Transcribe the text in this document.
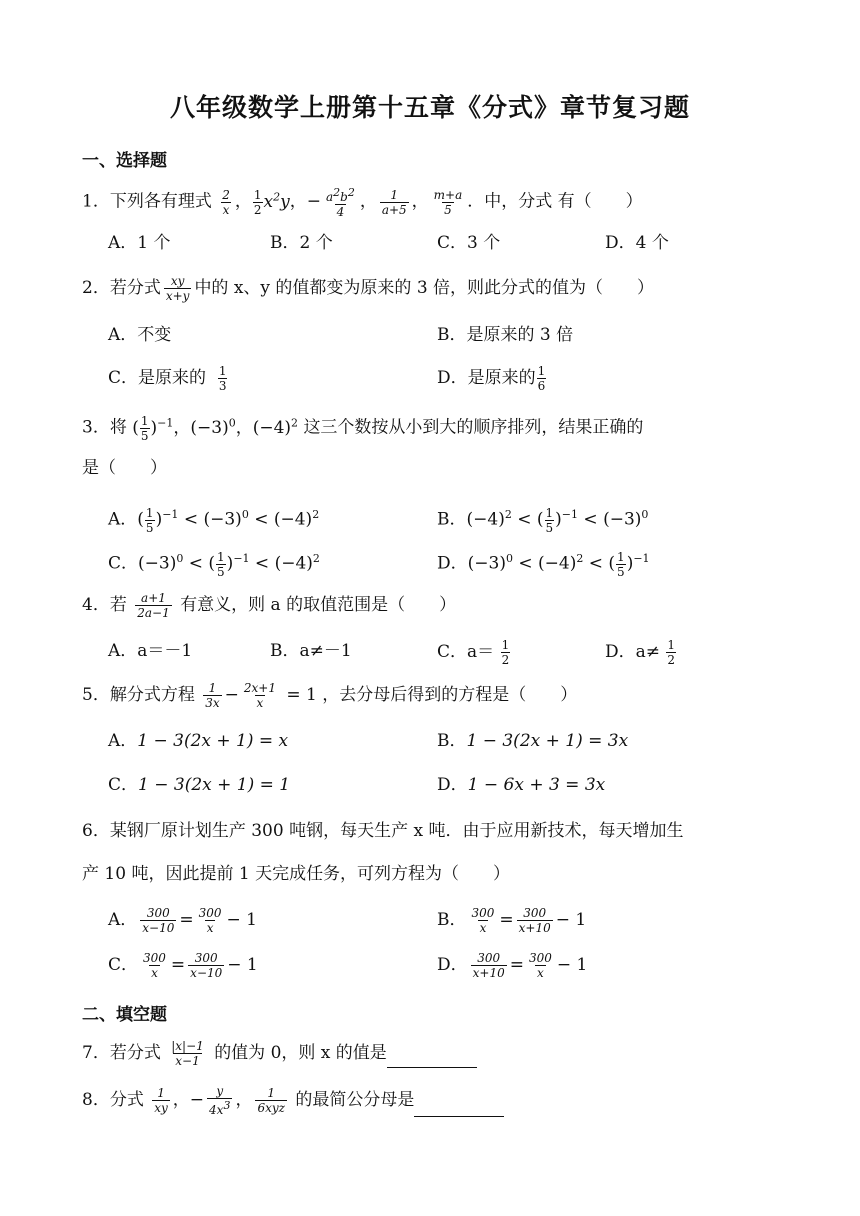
八年级数学上册第十五章《分式》章节复习题
一、选择题
1．下列各有理式 $\frac{2}{x}$ ， $\frac{1}{2} x^2y$，− $\frac{a^2b^2}{4}$ ， $\frac{1}{a+5}$ ， $\frac{m+a}{5}$ ．中，分式 有（　　）
A．1 个	B．2 个	C．3 个	D．4 个
2．若分式 $\frac{xy}{x+y}$ 中的 x、y 的值都变为原来的 3 倍，则此分式的值为（　　）
A．不变	B．是原来的 3 倍
C．是原来的 $\frac{1}{3}$	D．是原来的 $\frac{1}{6}$
3．将 ( $\frac{1}{5} )^{-1}$，$(-3)^0$，$(-4)^2$ 这三个数按从小到大的顺序排列，结果正确的
是（　　）
A．( $\frac{1}{5} )^{-1} < (-3)^0 < (-4)^2$	B．$(-4)^2$ < ( $\frac{1}{5} )^{-1} < (-3)^0$
C．$(-3)^0$ < ( $\frac{1}{5} )^{-1} < (-4)^2$	D．$(-3)^0 < (-4)^2$ < ( $\frac{1}{5} )^{-1}$
4．若 $\frac{a+1}{2a-1}$ 有意义，则 a 的取值范围是（　　）
A．a＝－1	B．a≠－1	C．$a= \frac{1}{2}$	D．$a\ne \frac{1}{2}$
5．解分式方程 $\frac{1}{3x} - \frac{2x+1}{x} = 1$ ，去分母后得到的方程是（　　）
A．1 − 3(2x + 1) = x	B．1 − 3(2x + 1) = 3x
C．1 − 3(2x + 1) = 1	D．1 − 6x + 3 = 3x
6．某钢厂原计划生产 300 吨钢，每天生产 x 吨．由于应用新技术，每天增加生
产 10 吨，因此提前 1 天完成任务，可列方程为（　　）
A． $\frac{300}{x-10} = \frac{300}{x} - 1$	B． $\frac{300}{x} = \frac{300}{x+10} - 1$
C． $\frac{300}{x} = \frac{300}{x-10} - 1$	D． $\frac{300}{x+10} = \frac{300}{x} - 1$
二、填空题
7．若分式 $\frac{|x|-1}{x-1}$ 的值为 0，则 x 的值是
8．分式 $\frac{1}{xy}$ ，− $\frac{y}{4x^3}$ ， $\frac{1}{\text{6xyz}}$ 的最简公分母是
